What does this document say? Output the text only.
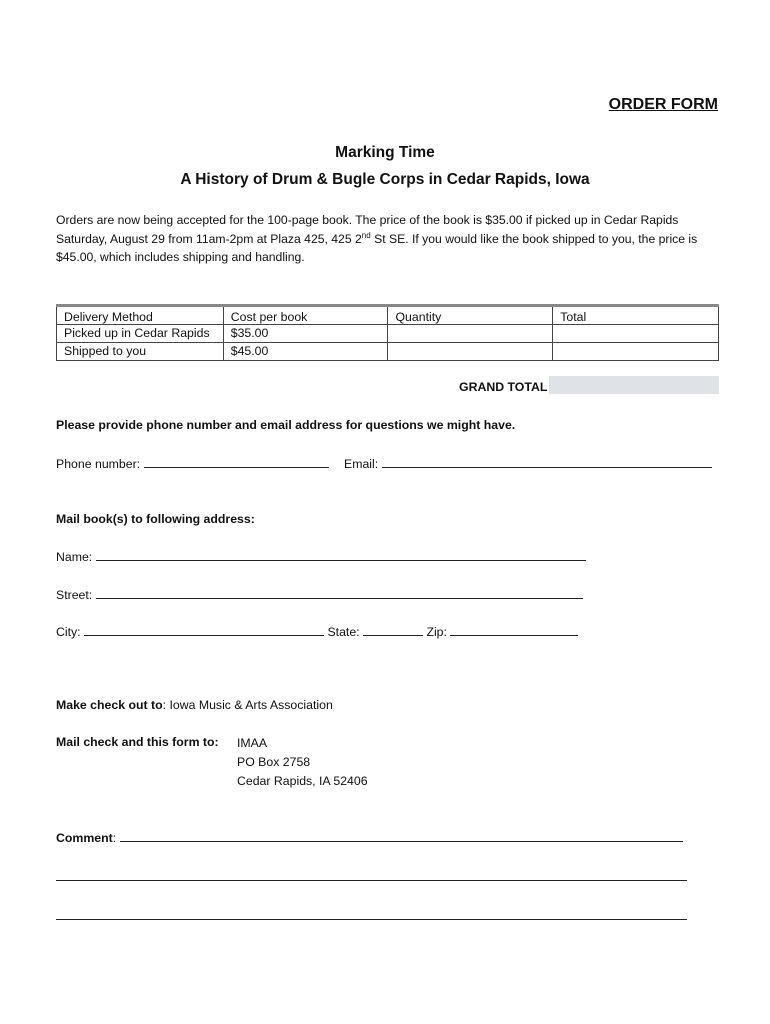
ORDER FORM
Marking Time
A History of Drum & Bugle Corps in Cedar Rapids, Iowa
Orders are now being accepted for the 100-page book. The price of the book is $35.00 if picked up in Cedar Rapids Saturday, August 29 from 11am-2pm at Plaza 425, 425 2nd St SE. If you would like the book shipped to you, the price is $45.00, which includes shipping and handling.
Delivery Method	Cost per book	Quantity	Total
Picked up in Cedar Rapids	$35.00		
Shipped to you	$45.00		
GRAND TOTAL
Please provide phone number and email address for questions we might have.
Phone number:	Email:
Mail book(s) to following address:
Name:
Street:
City:	State:	Zip:
Make check out to: Iowa Music & Arts Association
Mail check and this form to: IMAA
PO Box 2758
Cedar Rapids, IA 52406
Comment:
